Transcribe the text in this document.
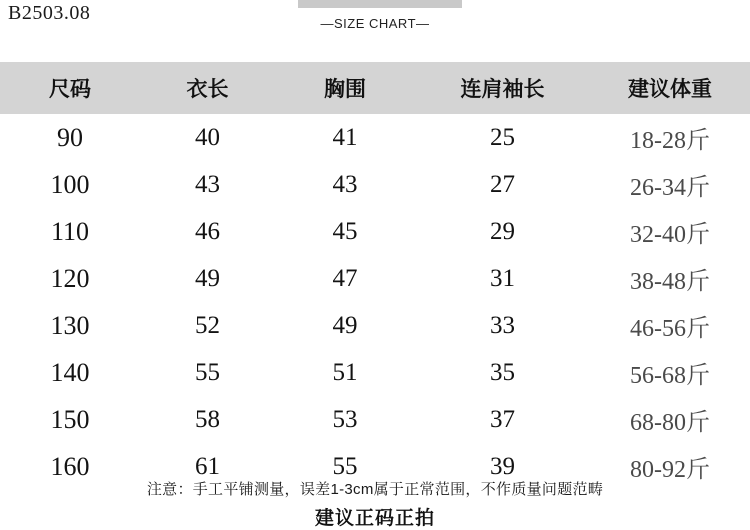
B2503.08	—SIZE CHART—
尺码	衣长	胸围	连肩袖长	建议体重
90	40	41	25	18-28斤
100	43	43	27	26-34斤
110	46	45	29	32-40斤
120	49	47	31	38-48斤
130	52	49	33	46-56斤
140	55	51	35	56-68斤
150	58	53	37	68-80斤
160	61	55	39	80-92斤
注意：手工平铺测量，误差1-3cm属于正常范围，不作质量问题范畴
建议正码正拍
